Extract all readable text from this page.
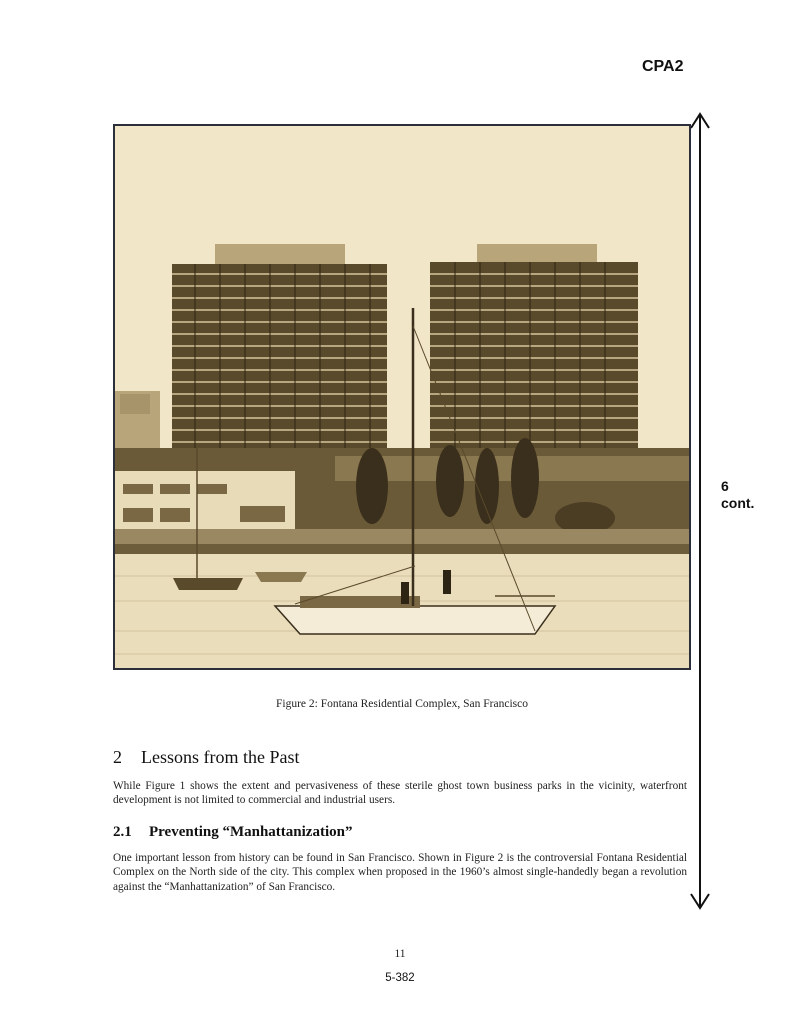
CPA2
6
cont.
Figure 2: Fontana Residential Complex, San Francisco
2 Lessons from the Past

While Figure 1 shows the extent and pervasiveness of these sterile ghost town business parks in the vicinity, waterfront development is not limited to commercial and industrial users.

2.1 Preventing “Manhattanization”

One important lesson from history can be found in San Francisco. Shown in Figure 2 is the controversial Fontana Residential Complex on the North side of the city. This complex when proposed in the 1960’s almost single-handedly began a revolution against the “Manhattanization” of San Francisco.

11
5-382
